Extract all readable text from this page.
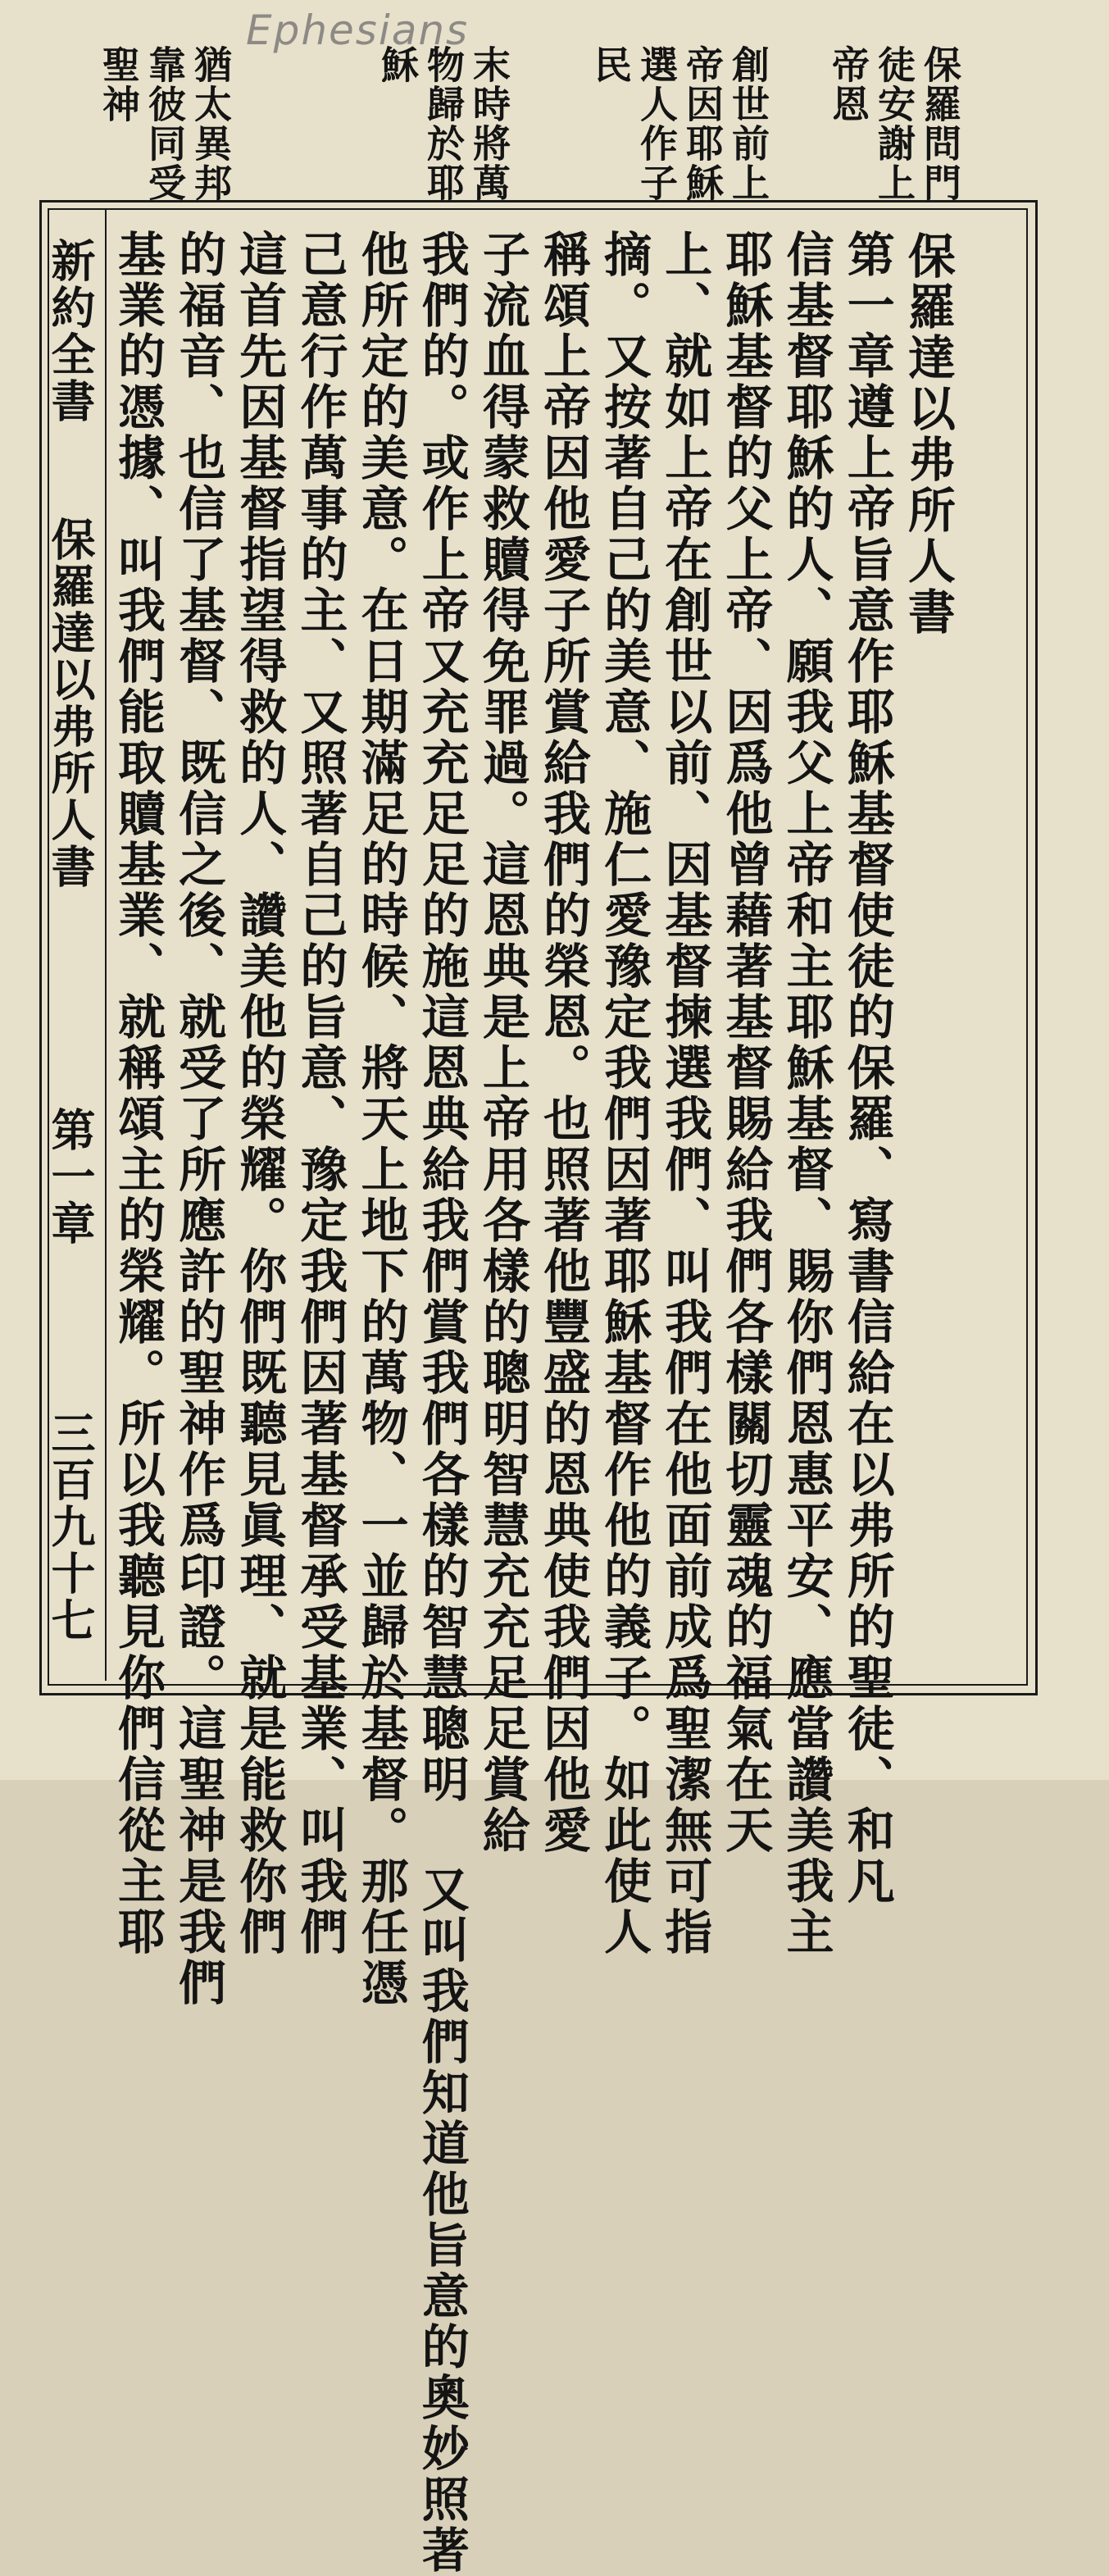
Ephesians
保羅問門
徒安謝上
帝恩
創世前上
帝因耶穌
選人作子
民
末時將萬
物歸於耶
穌
猶太異邦
靠彼同受
聖神
保羅達以弗所人書
第一章遵上帝旨意作耶穌基督使徒的保羅、寫書信給在以弗所的聖徒、和凡
信基督耶穌的人、願我父上帝和主耶穌基督、賜你們恩惠平安、應當讚美我主
耶穌基督的父上帝、因爲他曾藉著基督賜給我們各樣關切靈魂的福氣在天
上、就如上帝在創世以前、因基督揀選我們、叫我們在他面前成爲聖潔無可指
摘。又按著自己的美意、施仁愛豫定我們因著耶穌基督作他的義子。如此使人
稱頌上帝因他愛子所賞給我們的榮恩。也照著他豐盛的恩典使我們因他愛
子流血得蒙救贖得免罪過。這恩典是上帝用各樣的聰明智慧充充足足賞給
我們的。或作上帝又充充足足的施這恩典給我們賞我們各樣的智慧聰明 又叫我們知道他旨意的奧妙照著
他所定的美意。在日期滿足的時候、將天上地下的萬物、一並歸於基督。那任憑
己意行作萬事的主、又照著自己的旨意、豫定我們因著基督承受基業、叫我們
這首先因基督指望得救的人、讚美他的榮耀。你們既聽見眞理、就是能救你們
的福音、也信了基督、既信之後、就受了所應許的聖神作爲印證。這聖神是我們
基業的憑據、叫我們能取贖基業、就稱頌主的榮耀。所以我聽見你們信從主耶
新約全書
保羅達以弗所人書
第一章
三百九十七
